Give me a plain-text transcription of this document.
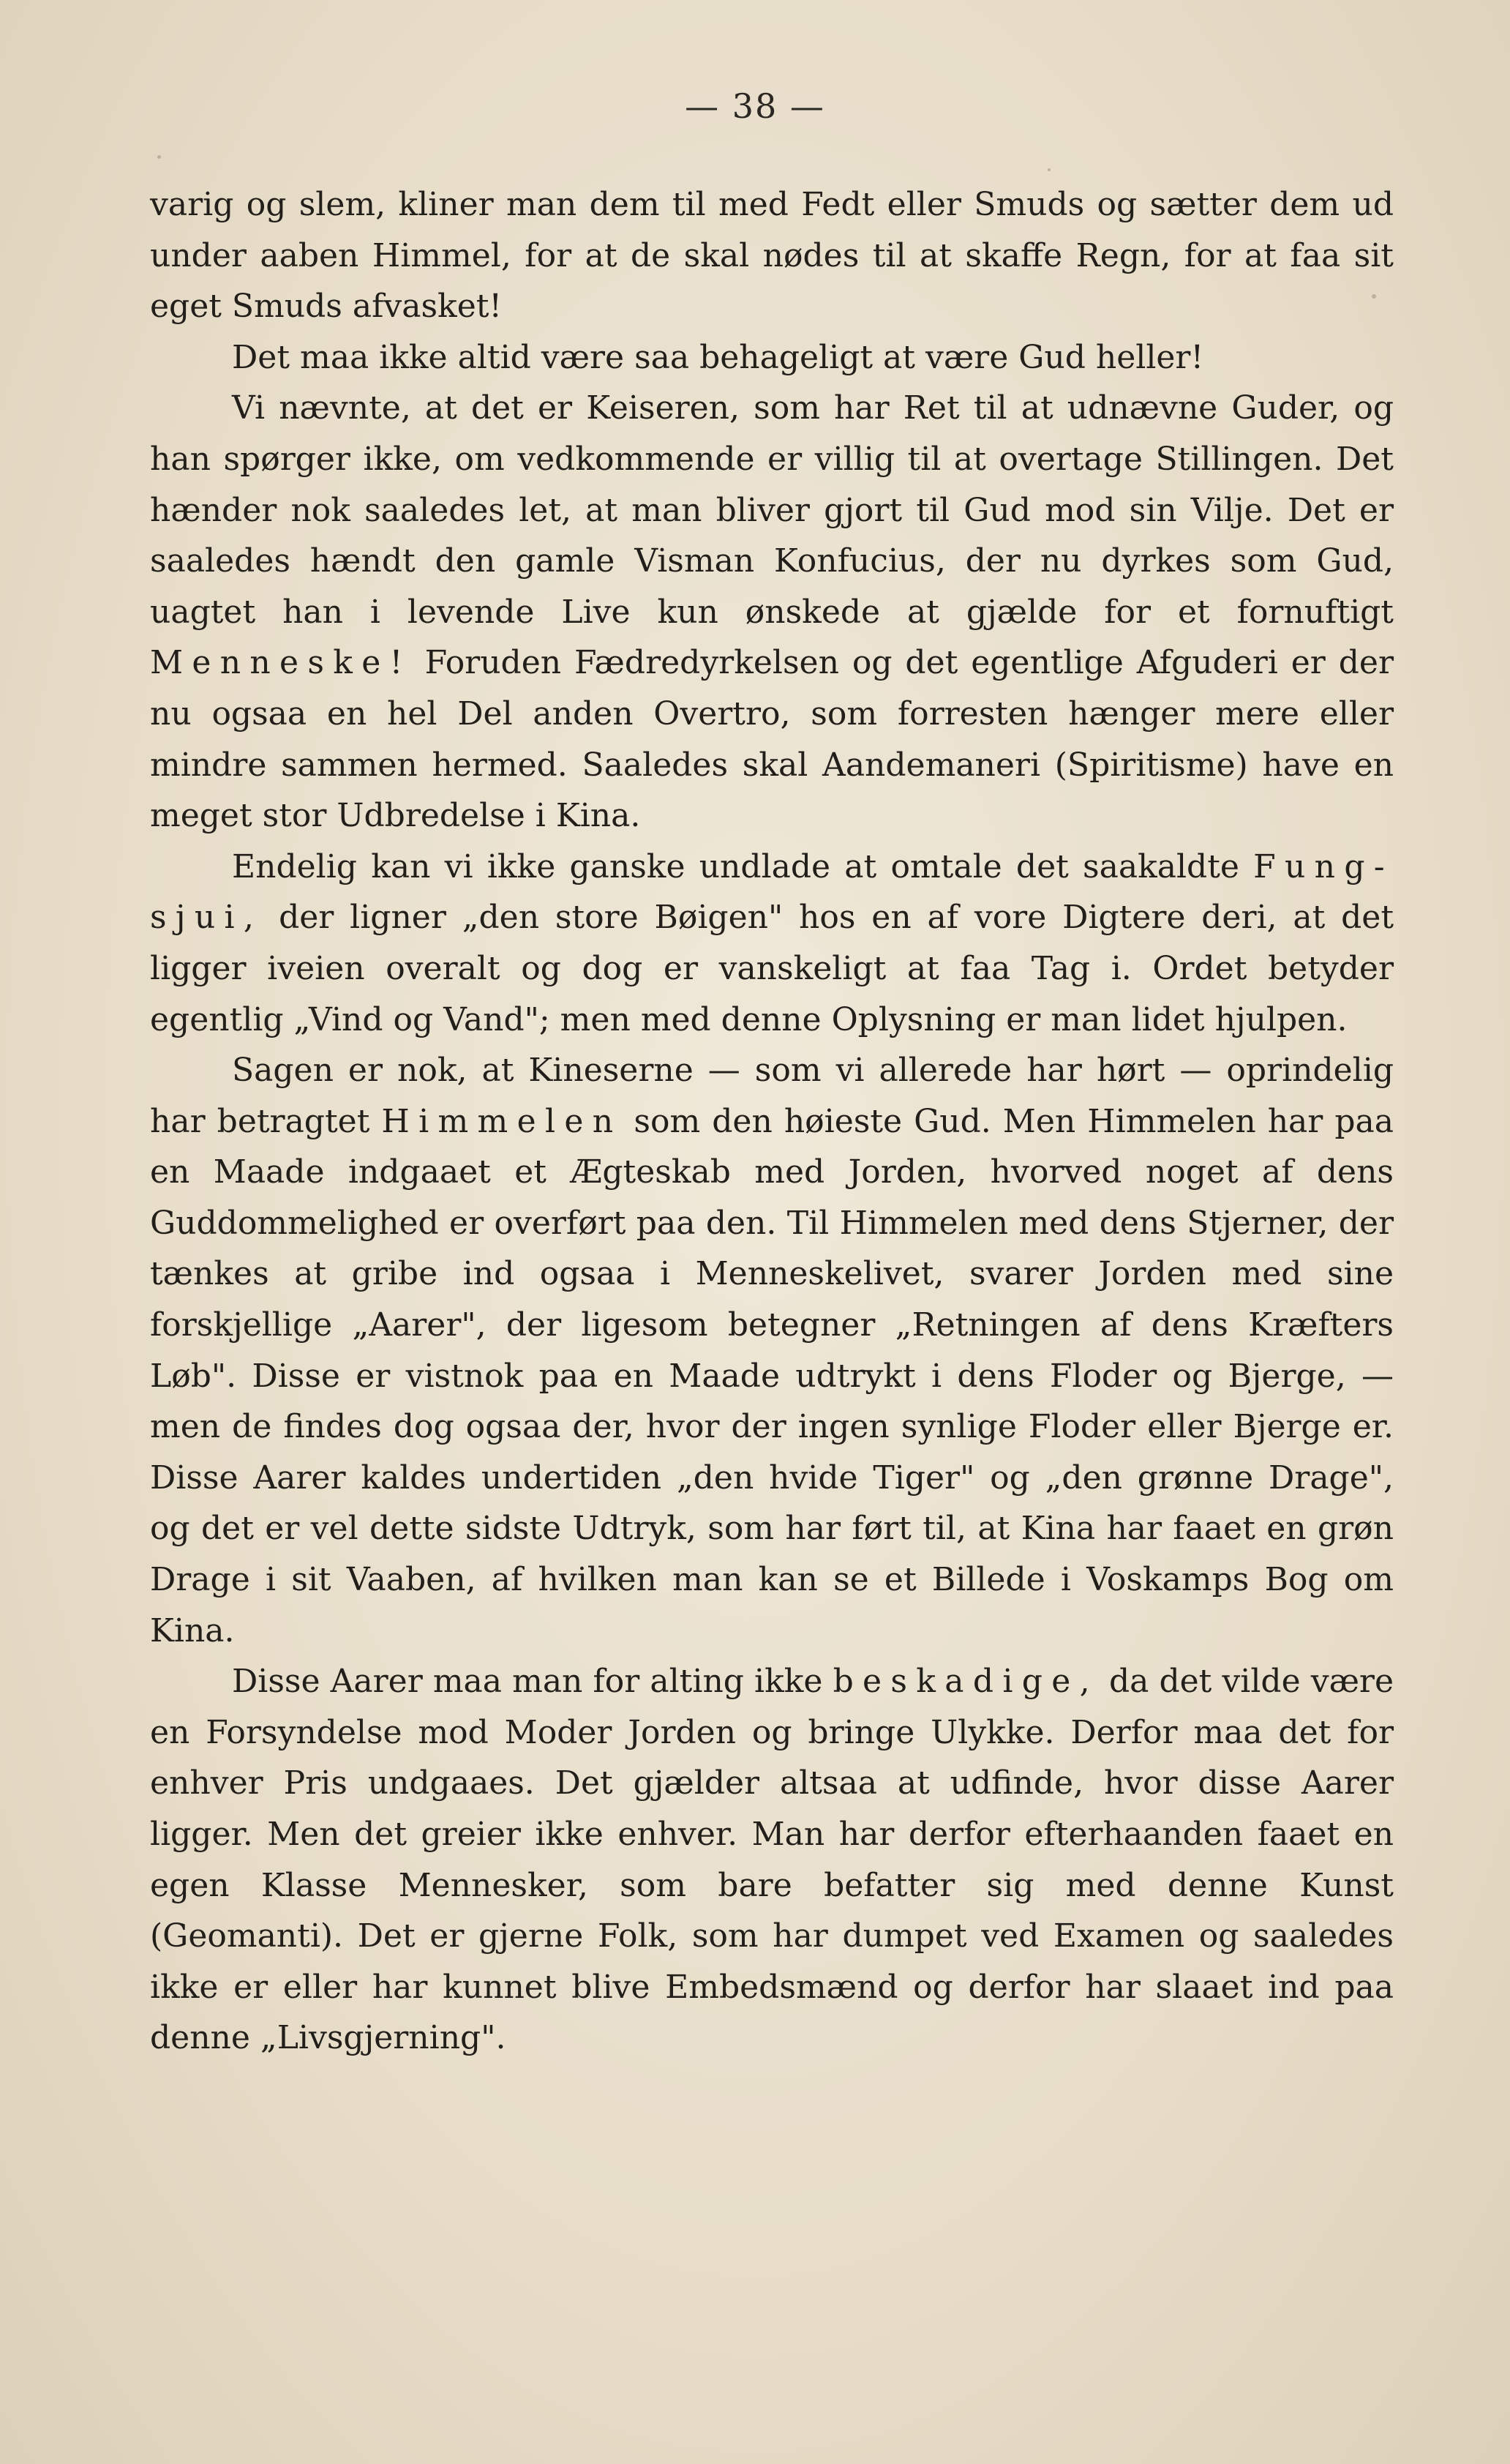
— 38 —

varig og slem, kliner man dem til med Fedt eller Smuds og sætter dem ud under aaben Himmel, for at de skal nødes til at skaffe Regn, for at faa sit eget Smuds afvasket!

Det maa ikke altid være saa behageligt at være Gud heller!

Vi nævnte, at det er Keiseren, som har Ret til at udnævne Guder, og han spørger ikke, om vedkommende er villig til at overtage Stillingen. Det hænder nok saaledes let, at man bliver gjort til Gud mod sin Vilje. Det er saaledes hændt den gamle Visman Konfucius, der nu dyrkes som Gud, uagtet han i levende Live kun ønskede at gjælde for et fornuftigt Menneske! Foruden Fædredyrkelsen og det egentlige Afguderi er der nu ogsaa en hel Del anden Overtro, som forresten hænger mere eller mindre sammen hermed. Saaledes skal Aandemaneri (Spiritisme) have en meget stor Udbredelse i Kina.

Endelig kan vi ikke ganske undlade at omtale det saakaldte Fung-sjui, der ligner „den store Bøigen" hos en af vore Digtere deri, at det ligger iveien overalt og dog er vanskeligt at faa Tag i. Ordet betyder egentlig „Vind og Vand"; men med denne Oplysning er man lidet hjulpen.

Sagen er nok, at Kineserne — som vi allerede har hørt — oprindelig har betragtet Himmelen som den høieste Gud. Men Himmelen har paa en Maade indgaaet et Ægteskab med Jorden, hvorved noget af dens Guddommelighed er overført paa den. Til Himmelen med dens Stjerner, der tænkes at gribe ind ogsaa i Menneskelivet, svarer Jorden med sine forskjellige „Aarer", der ligesom betegner „Retningen af dens Kræfters Løb". Disse er vistnok paa en Maade udtrykt i dens Floder og Bjerge, — men de findes dog ogsaa der, hvor der ingen synlige Floder eller Bjerge er. Disse Aarer kaldes undertiden „den hvide Tiger" og „den grønne Drage", og det er vel dette sidste Udtryk, som har ført til, at Kina har faaet en grøn Drage i sit Vaaben, af hvilken man kan se et Billede i Voskamps Bog om Kina.

Disse Aarer maa man for alting ikke beskadige, da det vilde være en Forsyndelse mod Moder Jorden og bringe Ulykke. Derfor maa det for enhver Pris undgaaes. Det gjælder altsaa at udfinde, hvor disse Aarer ligger. Men det greier ikke enhver. Man har derfor efterhaanden faaet en egen Klasse Mennesker, som bare befatter sig med denne Kunst (Geomanti). Det er gjerne Folk, som har dumpet ved Examen og saaledes ikke er eller har kunnet blive Embedsmænd og derfor har slaaet ind paa denne „Livsgjerning".
